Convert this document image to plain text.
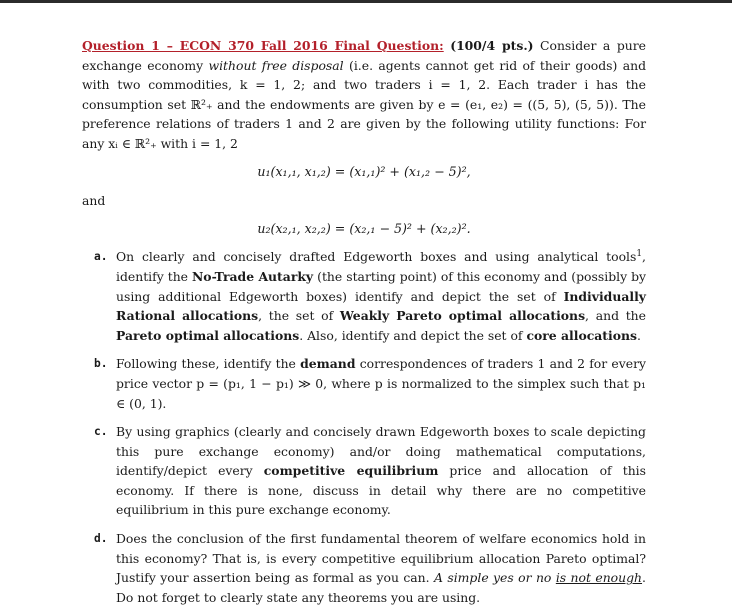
Question 1 – ECON 370 Fall 2016 Final Question: (100/4 pts.) Consider a pure exchange economy without free disposal (i.e. agents cannot get rid of their goods) and with two commodities, k = 1, 2; and two traders i = 1, 2. Each trader i has the consumption set ℝ²₊ and the endowments are given by e = (e₁, e₂) = ((5, 5), (5, 5)). The preference relations of traders 1 and 2 are given by the following utility functions: For any xᵢ ∈ ℝ²₊ with i = 1, 2
u₁(x₁,₁, x₁,₂) = (x₁,₁)² + (x₁,₂ − 5)²,
and
u₂(x₂,₁, x₂,₂) = (x₂,₁ − 5)² + (x₂,₂)².
a. On clearly and concisely drafted Edgeworth boxes and using analytical tools$^1$, identify the No-Trade Autarky (the starting point) of this economy and (possibly by using additional Edgeworth boxes) identify and depict the set of Individually Rational allocations, the set of Weakly Pareto optimal allocations, and the Pareto optimal allocations. Also, identify and depict the set of core allocations.
b. Following these, identify the demand correspondences of traders 1 and 2 for every price vector p = (p₁, 1 − p₁) ≫ 0, where p is normalized to the simplex such that p₁ ∈ (0, 1).
c. By using graphics (clearly and concisely drawn Edgeworth boxes to scale depicting this pure exchange economy) and/or doing mathematical computations, identify/depict every competitive equilibrium price and allocation of this economy. If there is none, discuss in detail why there are no competitive equilibrium in this pure exchange economy.
d. Does the conclusion of the first fundamental theorem of welfare economics hold in this economy? That is, is every competitive equilibrium allocation Pareto optimal? Justify your assertion being as formal as you can. A simple yes or no is not enough. Do not forget to clearly state any theorems you are using.
